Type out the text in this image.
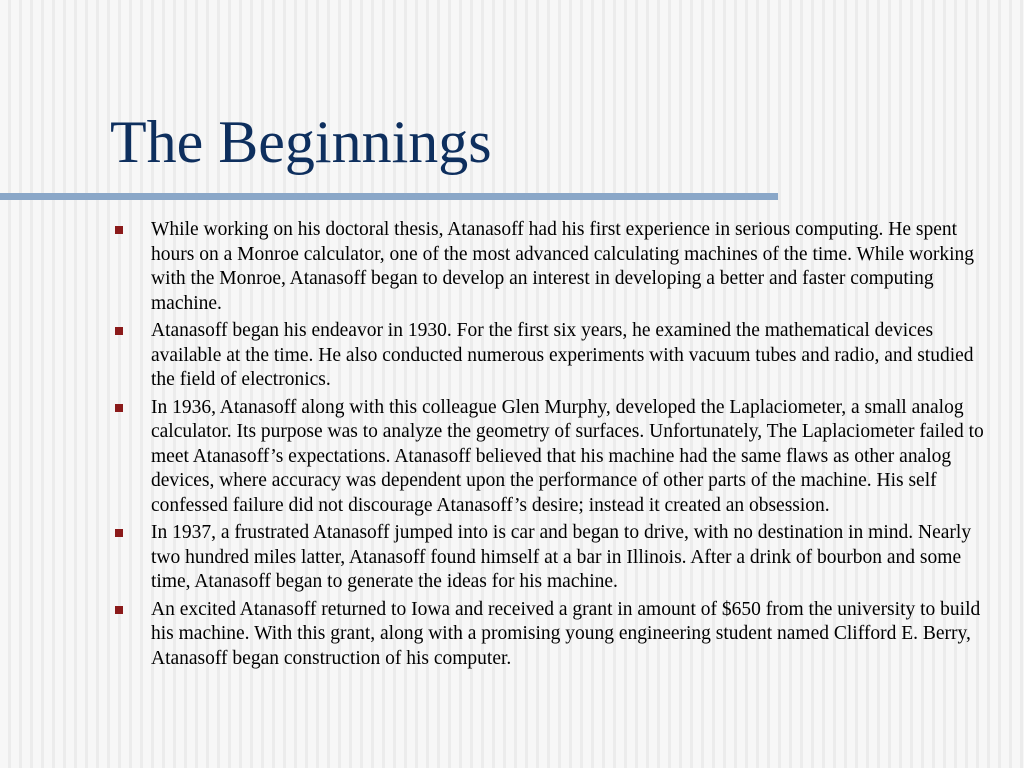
The Beginnings
While working on his doctoral thesis, Atanasoff had his first experience in serious computing. He spent hours on a Monroe calculator, one of the most advanced calculating machines of the time. While working with the Monroe, Atanasoff began to develop an interest in developing a better and faster computing machine.
Atanasoff began his endeavor in 1930. For the first six years, he examined the mathematical devices available at the time. He also conducted numerous experiments with vacuum tubes and radio, and studied the field of electronics.
In 1936, Atanasoff along with this colleague Glen Murphy, developed the Laplaciometer, a small analog calculator. Its purpose was to analyze the geometry of surfaces. Unfortunately, The Laplaciometer failed to meet Atanasoff’s expectations. Atanasoff believed that his machine had the same flaws as other analog devices, where accuracy was dependent upon the performance of other parts of the machine. His self confessed failure did not discourage Atanasoff’s desire; instead it created an obsession.
In 1937, a frustrated Atanasoff jumped into is car and began to drive, with no destination in mind. Nearly two hundred miles latter, Atanasoff found himself at a bar in Illinois. After a drink of bourbon and some time, Atanasoff began to generate the ideas for his machine.
An excited Atanasoff returned to Iowa and received a grant in amount of $650 from the university to build his machine. With this grant, along with a promising young engineering student named Clifford E. Berry, Atanasoff began construction of his computer.
